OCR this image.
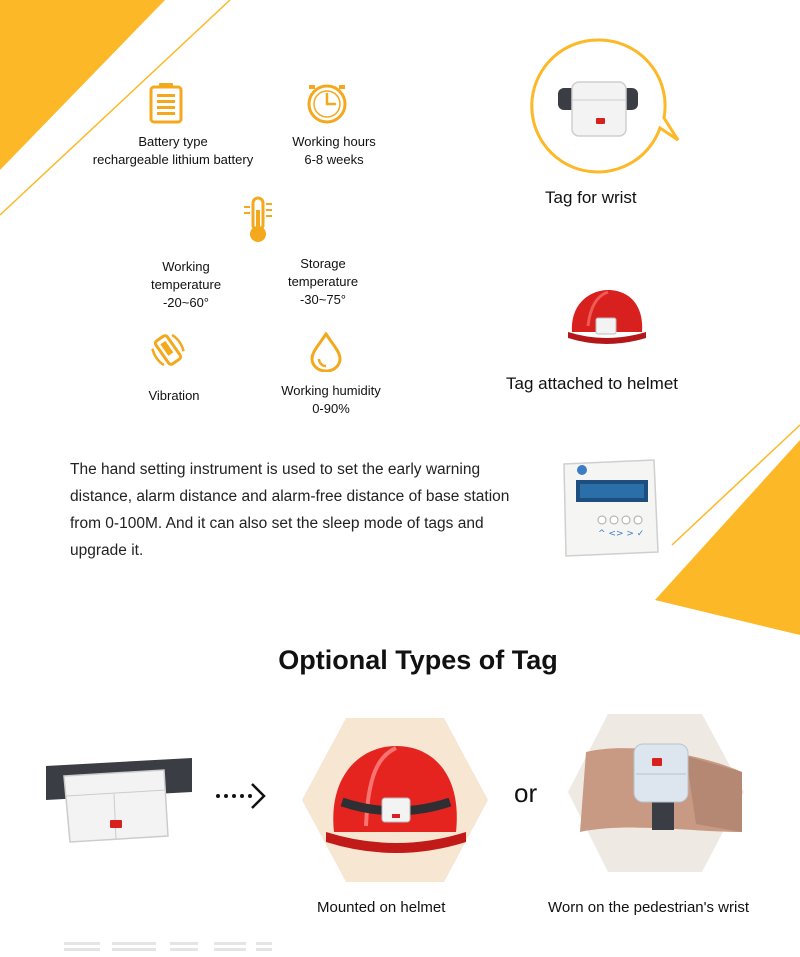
Battery type
rechargeable lithium battery
Working hours
6-8 weeks
Working
temperature
-20~60°
Storage
temperature
-30~75°
Vibration	Working humidity
0-90%
Tag for wrist
Tag attached to helmet
The hand setting instrument is used to set the early warning distance, alarm distance and alarm-free distance of base station from 0-100M. And it can also set the sleep mode of tags and upgrade it.
^ <> > ✓
Optional Types of Tag
or
Mounted on helmet	Worn on the pedestrian's wrist
